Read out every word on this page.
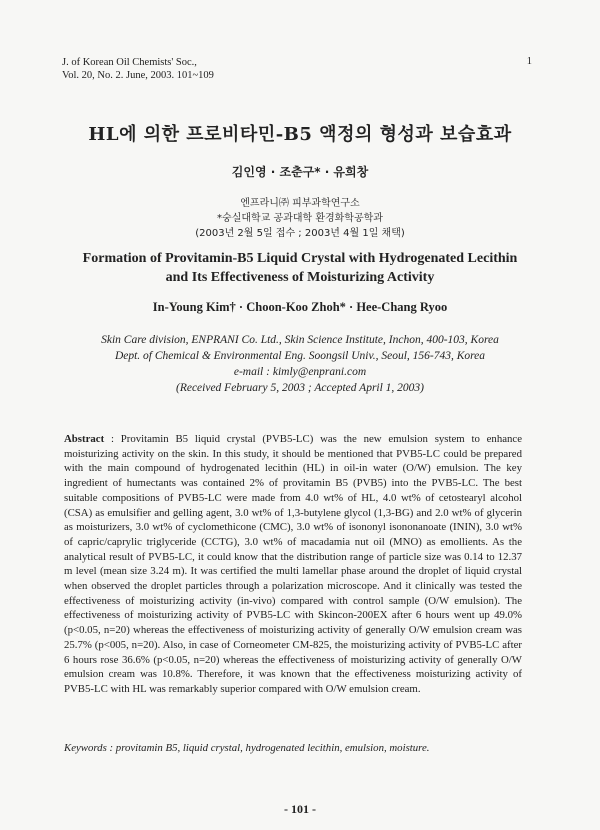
J. of Korean Oil Chemists' Soc.,
Vol. 20, No. 2. June, 2003. 101~109
1
HL에 의한 프로비타민-B5 액정의 형성과 보습효과
김인영 · 조춘구* · 유희창
엔프라니㈜ 피부과학연구소
*숭실대학교 공과대학 환경화학공학과
(2003년 2월 5일 접수 ; 2003년 4월 1일 채택)
Formation of Provitamin-B5 Liquid Crystal with Hydrogenated Lecithin
and Its Effectiveness of Moisturizing Activity
In-Young Kim† · Choon-Koo Zhoh* · Hee-Chang Ryoo
Skin Care division, ENPRANI Co. Ltd., Skin Science Institute, Inchon, 400-103, Korea
Dept. of Chemical & Environmental Eng. Soongsil Univ., Seoul, 156-743, Korea
e-mail : kimly@enprani.com
(Received February 5, 2003 ; Accepted April 1, 2003)
Abstract : Provitamin B5 liquid crystal (PVB5-LC) was the new emulsion system to enhance moisturizing activity on the skin. In this study, it should be mentioned that PVB5-LC could be prepared with the main compound of hydrogenated lecithin (HL) in oil-in water (O/W) emulsion. The key ingredient of humectants was contained 2% of provitamin B5 (PVB5) into the PVB5-LC. The best suitable compositions of PVB5-LC were made from 4.0 wt% of HL, 4.0 wt% of cetostearyl alcohol (CSA) as emulsifier and gelling agent, 3.0 wt% of 1,3-butylene glycol (1,3-BG) and 2.0 wt% of glycerin as moisturizers, 3.0 wt% of cyclomethicone (CMC), 3.0 wt% of isononyl isononanoate (ININ), 3.0 wt% of capric/caprylic triglyceride (CCTG), 3.0 wt% of macadamia nut oil (MNO) as emollients. As the analytical result of PVB5-LC, it could know that the distribution range of particle size was 0.14 to 12.37 m level (mean size 3.24 m). It was certified the multi lamellar phase around the droplet of liquid crystal when observed the droplet particles through a polarization microscope. And it clinically was tested the effectiveness of moisturizing activity (in-vivo) compared with control sample (O/W emulsion). The effectiveness of moisturizing activity of PVB5-LC with Skincon-200EX after 6 hours went up 49.0% (p<0.05, n=20) whereas the effectiveness of moisturizing activity of generally O/W emulsion cream was 25.7% (p<005, n=20). Also, in case of Corneometer CM-825, the moisturizing activity of PVB5-LC after 6 hours rose 36.6% (p<0.05, n=20) whereas the effectiveness of moisturizing activity of generally O/W emulsion cream was 10.8%. Therefore, it was known that the effectiveness moisturizing activity of PVB5-LC with HL was remarkably superior compared with O/W emulsion cream.
Keywords : provitamin B5, liquid crystal, hydrogenated lecithin, emulsion, moisture.
- 101 -
